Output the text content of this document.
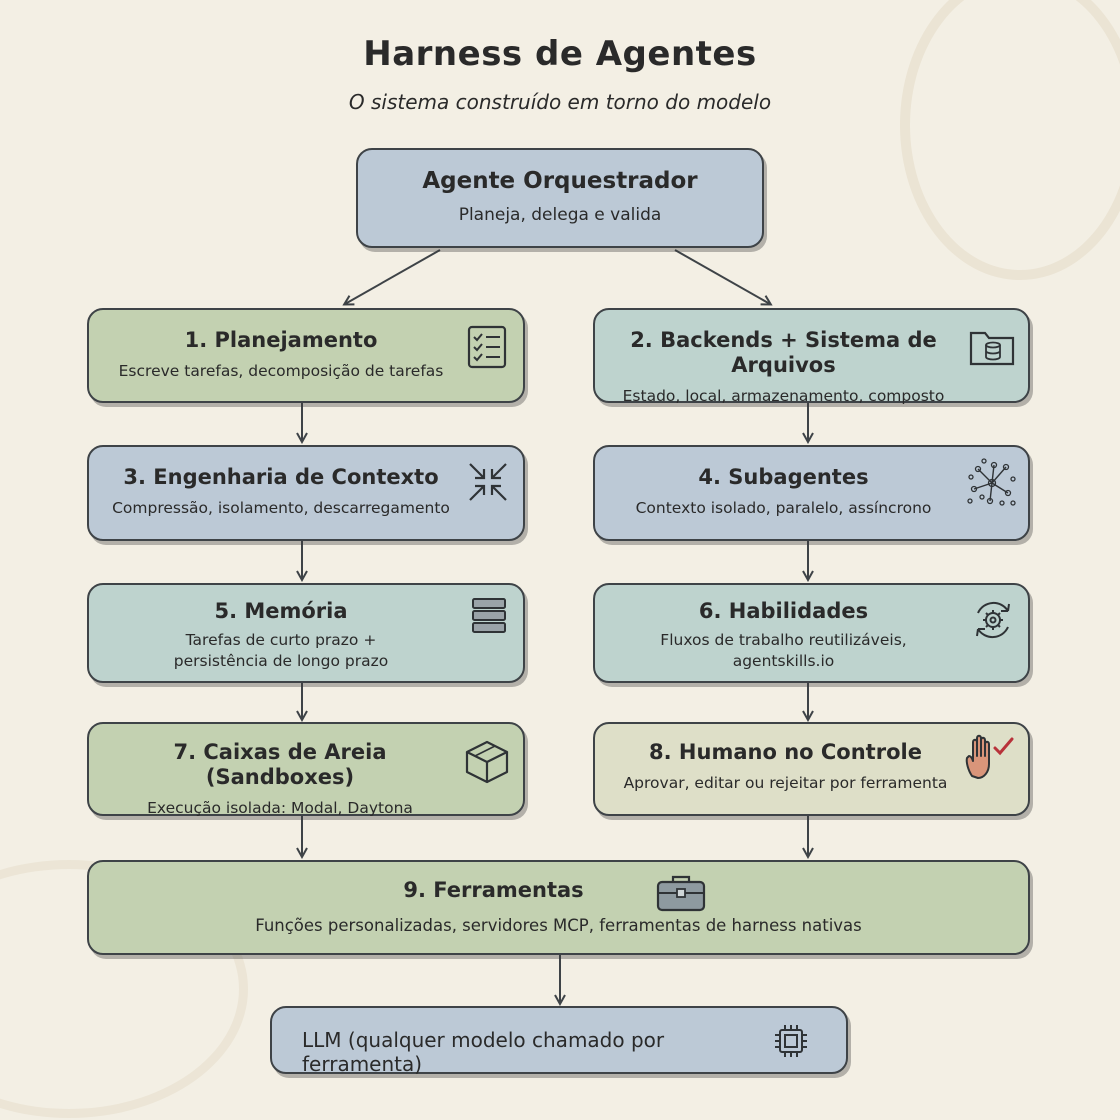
Harness de Agentes
O sistema construído em torno do modelo
Agente Orquestrador
Planeja, delega e valida
1. Planejamento
Escreve tarefas, decomposição de tarefas
2. Backends + Sistema de Arquivos
Estado, local, armazenamento, composto
3. Engenharia de Contexto
Compressão, isolamento, descarregamento
4. Subagentes
Contexto isolado, paralelo, assíncrono
5. Memória
Tarefas de curto prazo +
persistência de longo prazo
6. Habilidades
Fluxos de trabalho reutilizáveis,
agentskills.io
7. Caixas de Areia (Sandboxes)
Execução isolada: Modal, Daytona
8. Humano no Controle
Aprovar, editar ou rejeitar por ferramenta
9. Ferramentas
Funções personalizadas, servidores MCP, ferramentas de harness nativas
LLM (qualquer modelo chamado por ferramenta)
